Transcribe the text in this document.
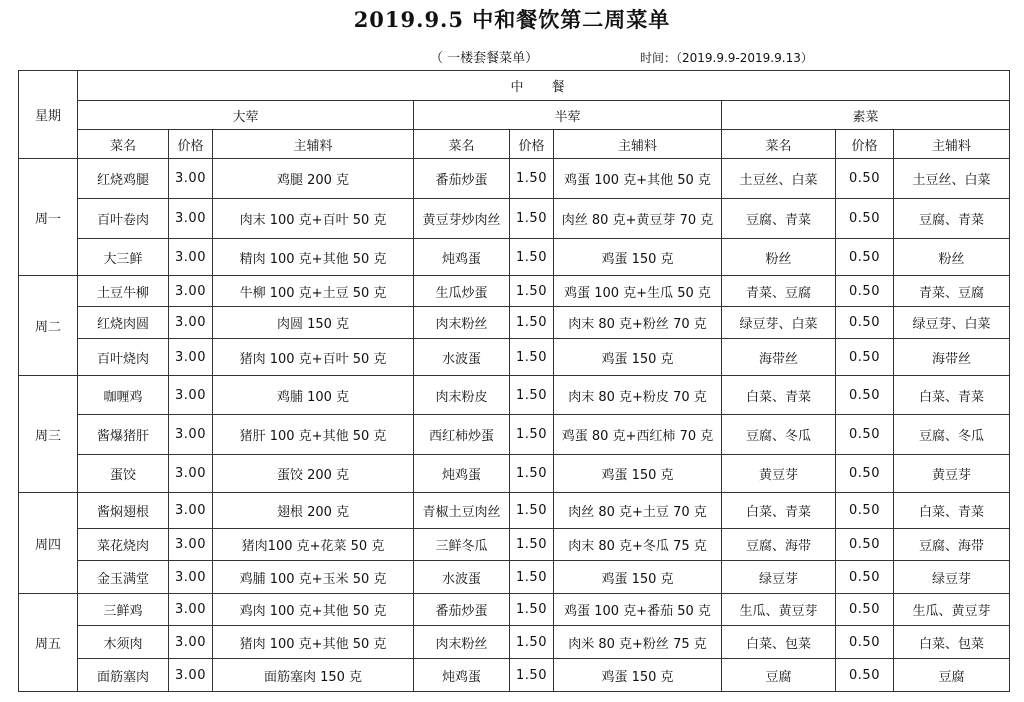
2019.9.5 中和餐饮第二周菜单
（ 一楼套餐菜单）	时间：（2019.9.9-2019.9.13）
星期	中 餐								
	大荤			半荤			素菜		
	菜名	价格	主辅料	菜名	价格	主辅料	菜名	价格	主辅料
周一	红烧鸡腿	3.00	鸡腿 200 克	番茄炒蛋	1.50	鸡蛋 100 克+其他 50 克	土豆丝、白菜	0.50	土豆丝、白菜
	百叶卷肉	3.00	肉末 100 克+百叶 50 克	黄豆芽炒肉丝	1.50	肉丝 80 克+黄豆芽 70 克	豆腐、青菜	0.50	豆腐、青菜
	大三鲜	3.00	精肉 100 克+其他 50 克	炖鸡蛋	1.50	鸡蛋 150 克	粉丝	0.50	粉丝
周二	土豆牛柳	3.00	牛柳 100 克+土豆 50 克	生瓜炒蛋	1.50	鸡蛋 100 克+生瓜 50 克	青菜、豆腐	0.50	青菜、豆腐
	红烧肉圆	3.00	肉圆 150 克	肉末粉丝	1.50	肉末 80 克+粉丝 70 克	绿豆芽、白菜	0.50	绿豆芽、白菜
	百叶烧肉	3.00	猪肉 100 克+百叶 50 克	水波蛋	1.50	鸡蛋 150 克	海带丝	0.50	海带丝
周三	咖喱鸡	3.00	鸡脯 100 克	肉末粉皮	1.50	肉末 80 克+粉皮 70 克	白菜、青菜	0.50	白菜、青菜
	酱爆猪肝	3.00	猪肝 100 克+其他 50 克	西红柿炒蛋	1.50	鸡蛋 80 克+西红柿 70 克	豆腐、冬瓜	0.50	豆腐、冬瓜
	蛋饺	3.00	蛋饺 200 克	炖鸡蛋	1.50	鸡蛋 150 克	黄豆芽	0.50	黄豆芽
周四	酱焖翅根	3.00	翅根 200 克	青椒土豆肉丝	1.50	肉丝 80 克+土豆 70 克	白菜、青菜	0.50	白菜、青菜
	菜花烧肉	3.00	猪肉100 克+花菜 50 克	三鲜冬瓜	1.50	肉末 80 克+冬瓜 75 克	豆腐、海带	0.50	豆腐、海带
	金玉满堂	3.00	鸡脯 100 克+玉米 50 克	水波蛋	1.50	鸡蛋 150 克	绿豆芽	0.50	绿豆芽
周五	三鲜鸡	3.00	鸡肉 100 克+其他 50 克	番茄炒蛋	1.50	鸡蛋 100 克+番茄 50 克	生瓜、黄豆芽	0.50	生瓜、黄豆芽
	木须肉	3.00	猪肉 100 克+其他 50 克	肉末粉丝	1.50	肉米 80 克+粉丝 75 克	白菜、包菜	0.50	白菜、包菜
	面筋塞肉	3.00	面筋塞肉 150 克	炖鸡蛋	1.50	鸡蛋 150 克	豆腐	0.50	豆腐
